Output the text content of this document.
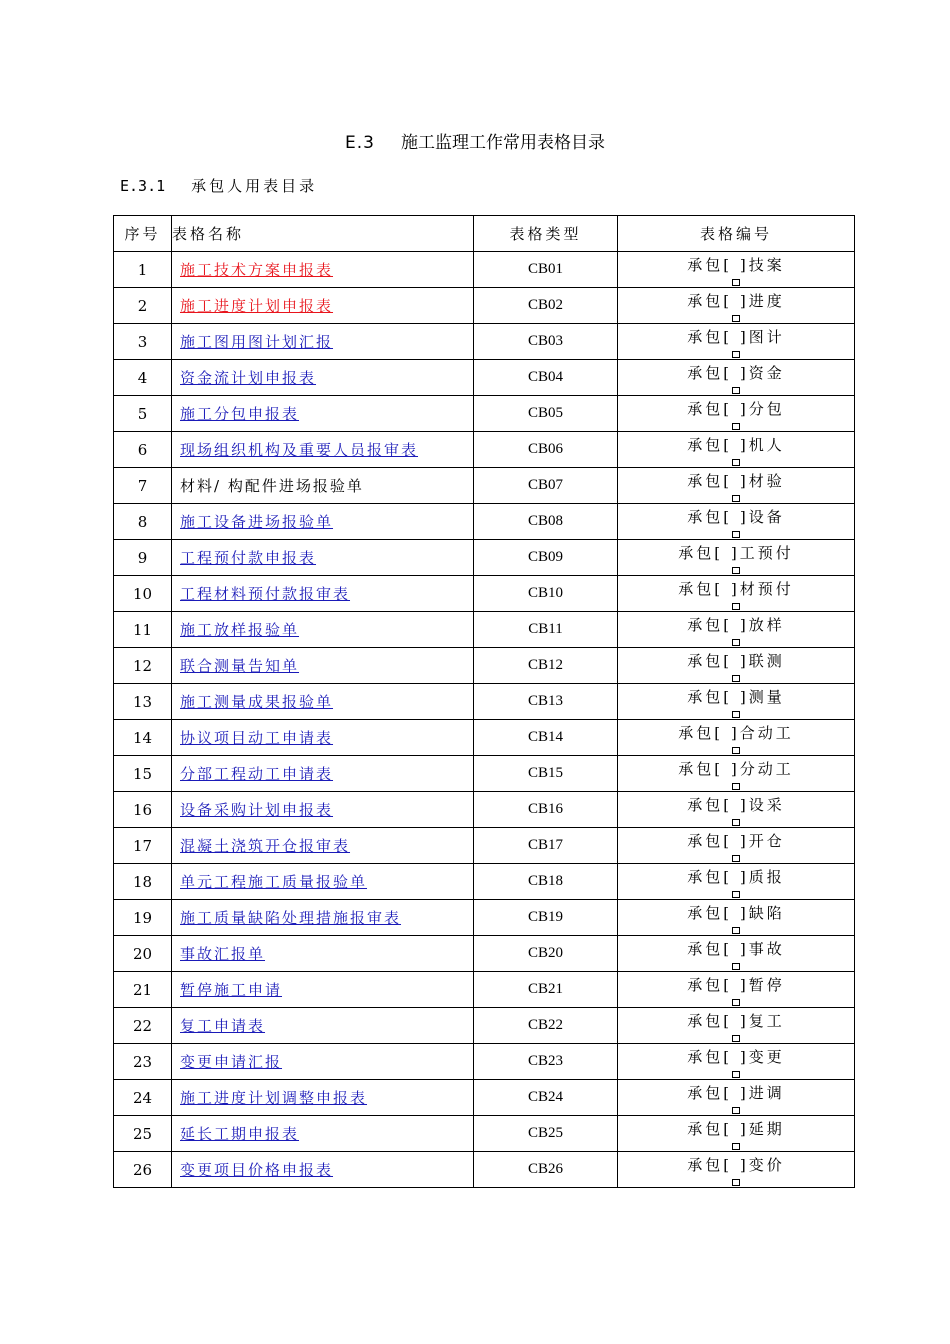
E.3 施工监理工作常用表格目录
E.3.1 承包人用表目录
序号	表格名称	表格类型	表格编号
1	施工技术方案申报表	CB01	承包[ ]技案

2	施工进度计划申报表	CB02	承包[ ]进度

3	施工图用图计划汇报	CB03	承包[ ]图计

4	资金流计划申报表	CB04	承包[ ]资金

5	施工分包申报表	CB05	承包[ ]分包

6	现场组织机构及重要人员报审表	CB06	承包[ ]机人

7	材料/ 构配件进场报验单	CB07	承包[ ]材验

8	施工设备进场报验单	CB08	承包[ ]设备

9	工程预付款申报表	CB09	承包[ ]工预付

10	工程材料预付款报审表	CB10	承包[ ]材预付

11	施工放样报验单	CB11	承包[ ]放样

12	联合测量告知单	CB12	承包[ ]联测

13	施工测量成果报验单	CB13	承包[ ]测量

14	协议项目动工申请表	CB14	承包[ ]合动工

15	分部工程动工申请表	CB15	承包[ ]分动工

16	设备采购计划申报表	CB16	承包[ ]设采

17	混凝土浇筑开仓报审表	CB17	承包[ ]开仓

18	单元工程施工质量报验单	CB18	承包[ ]质报

19	施工质量缺陷处理措施报审表	CB19	承包[ ]缺陷

20	事故汇报单	CB20	承包[ ]事故

21	暂停施工申请	CB21	承包[ ]暂停

22	复工申请表	CB22	承包[ ]复工

23	变更申请汇报	CB23	承包[ ]变更

24	施工进度计划调整申报表	CB24	承包[ ]进调

25	延长工期申报表	CB25	承包[ ]延期

26	变更项目价格申报表	CB26	承包[ ]变价
